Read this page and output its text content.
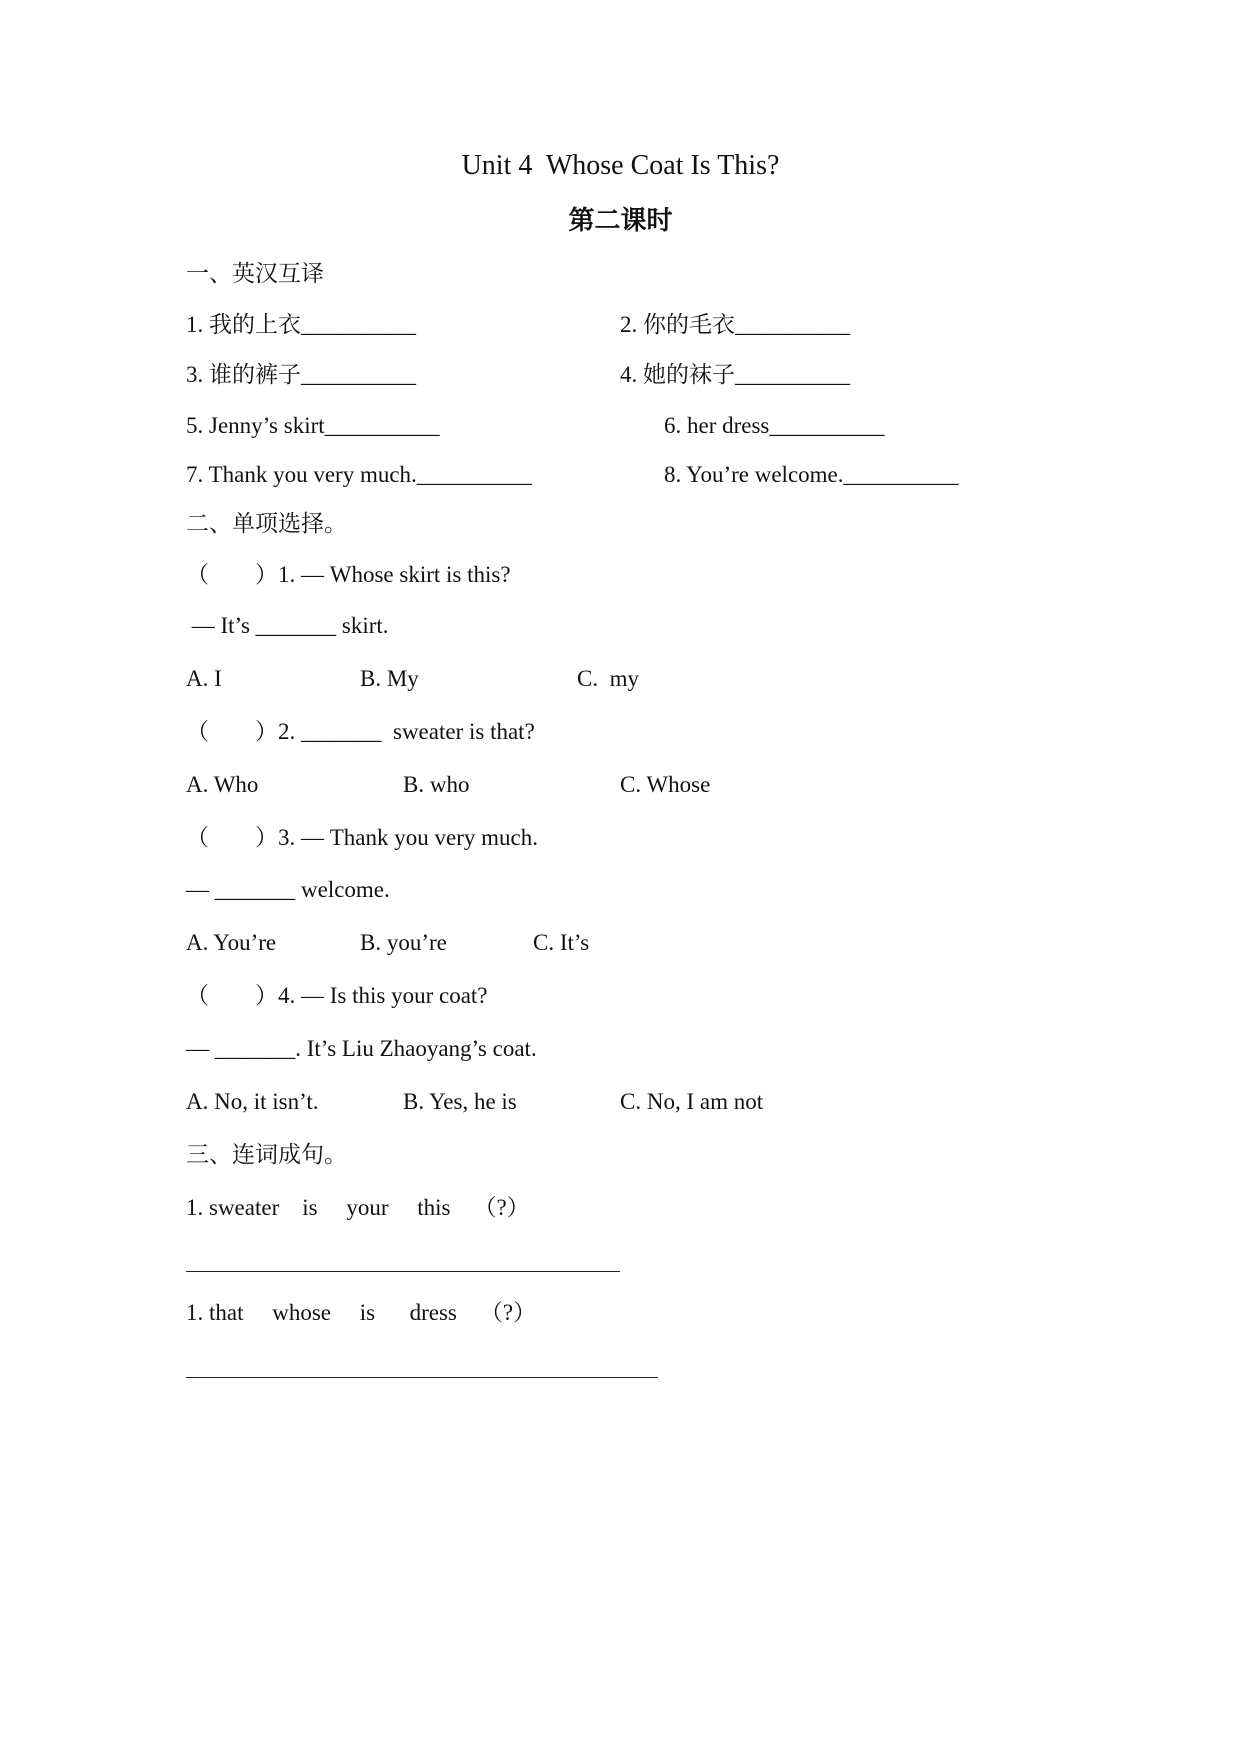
Unit 4  Whose Coat Is This?
第二课时
一、英汉互译
1. 我的上衣__________	2. 你的毛衣__________
3. 谁的裤子__________	4. 她的袜子__________
5. Jenny’s skirt__________	6. her dress__________
7. Thank you very much.__________	8. You’re welcome.__________
二、单项选择。
（　　）1. — Whose skirt is this?
— It’s _______ skirt.
A. I	B. My	C.  my
（　　）2. _______  sweater is that?
A. Who	B. who	C. Whose
（　　）3. — Thank you very much.
— _______ welcome.
A. You’re	B. you’re	C. It’s
（　　）4. — Is this your coat?
— _______. It’s Liu Zhaoyang’s coat.
A. No, it isn’t.	B. Yes, he is	C. No, I am not
三、连词成句。
1. sweater    is     your     this    （?）
1. that     whose     is      dress    （?）
